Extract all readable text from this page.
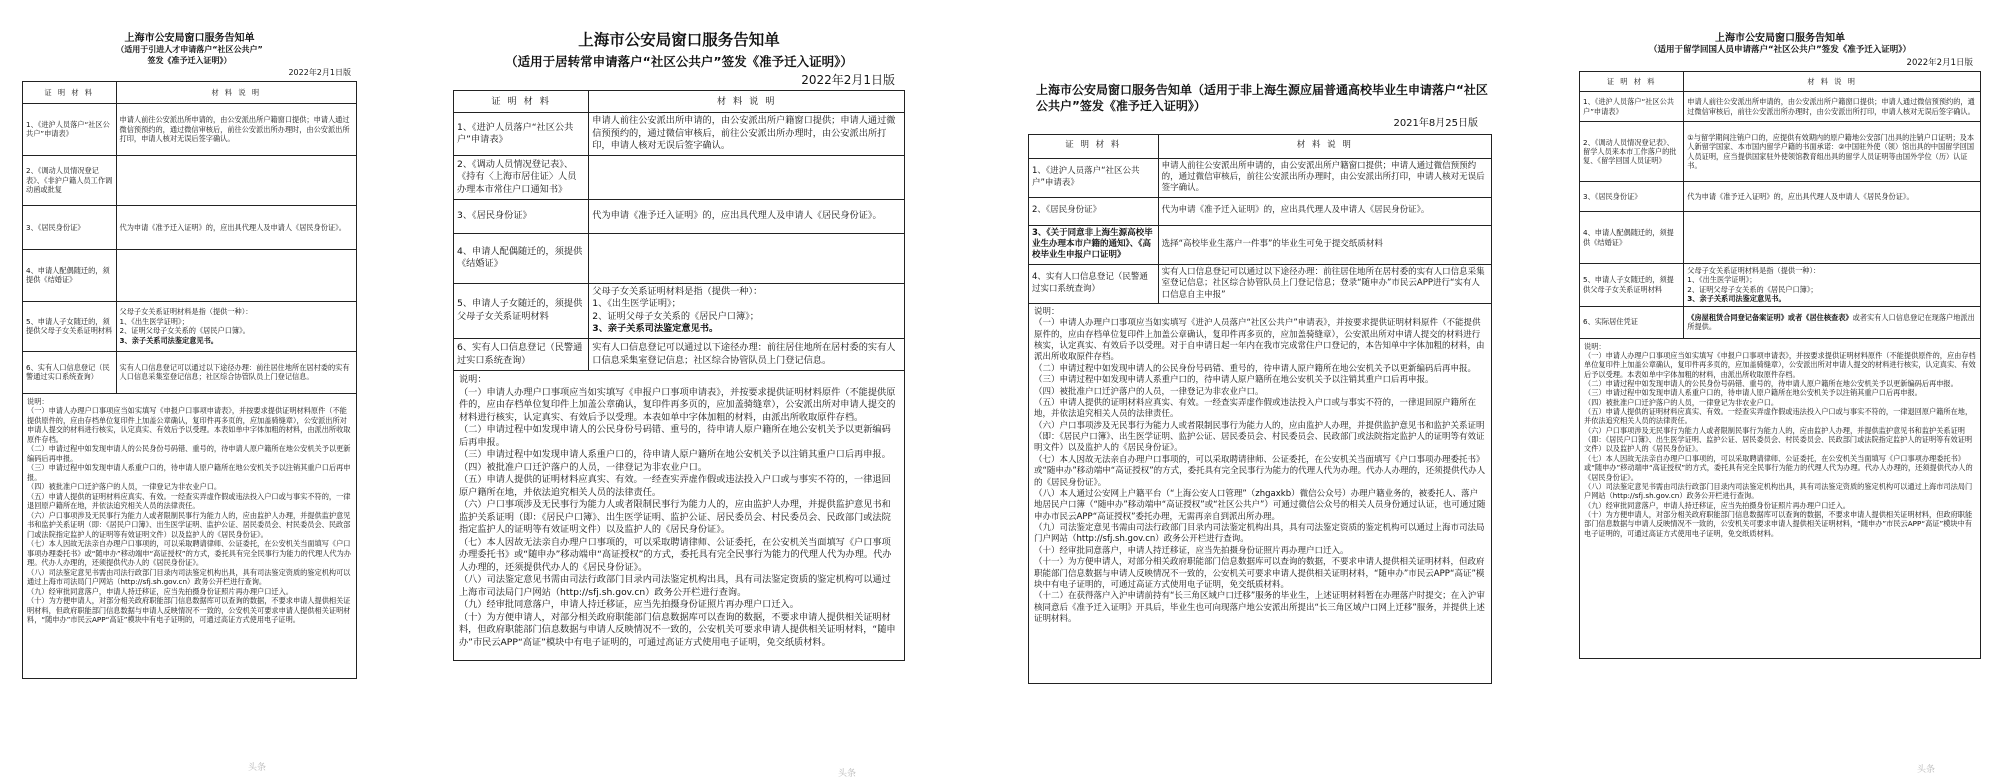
上海市公安局窗口服务告知单
（适用于引进人才申请落户“社区公共户”
签发《准予迁入证明》）
2022年2月1日版
证 明 材 料	材 料 说 明
1、《进沪人员落户“社区公共户”申请表》	申请人前往公安派出所申请的，由公安派出所户籍窗口提供；申请人通过微信预预约的，通过微信审核后，前往公安派出所办理时，由公安派出所打印，申请人核对无误后签字确认。

2、《调动人员情况登记表》、《非沪户籍人员工作调动函或批复	
3、《居民身份证》	代为申请《准予迁入证明》的，应出具代理人及申请人《居民身份证》。

4、申请人配偶随迁的，须提供《结婚证》	
5、申请人子女随迁的，须提供父母子女关系证明材料	父母子女关系证明材料是指（提供一种）：
1、《出生医学证明》；
2、证明父母子女关系的《居民户口簿》。
3、亲子关系司法鉴定意见书。

6、实有人口信息登记（民警通过实口系统查询）	实有人口信息登记可以通过以下途径办理：前往居住地所在居村委的实有人口信息采集室登记信息；社区综合协管队员上门登记信息。

说明：

（一）申请人办理户口事项应当如实填写《申报户口事项申请表》，并按要求提供证明材料原件（不能提供原件的，应由存档单位复印件上加盖公章确认，复印件再多页的，应加盖骑缝章），公安派出所对申请人提交的材料进行核实，认定真实、有效后予以受理。本表如单中字体加粗的材料，由派出所收取原件存档。

（二）申请过程中如发现申请人的公民身份号码错、重号的，待申请人原户籍所在地公安机关予以更新编码后再申报。

（三）申请过程中如发现申请人系重户口的，待申请人原户籍所在地公安机关予以注销其重户口后再申报。

（四）被批准户口迁沪落户的人员，一律登记为非农业户口。

（五）申请人提供的证明材料应真实、有效。一经查实弄虚作假或违法投入户口或与事实不符的，一律退回原户籍所在地，并依法追究相关人员的法律责任。

（六）户口事项涉及无民事行为能力人或者限制民事行为能力人的，应由监护人办理，并提供监护意见书和监护关系证明（即：《居民户口簿》、出生医学证明、监护公证、居民委员会、村民委员会、民政部门或法院指定监护人的证明等有效证明文件）以及监护人的《居民身份证》。

（七）本人因故无法亲自办理户口事项的，可以采取聘请律师、公证委托，在公安机关当面填写《户口事项办理委托书》或“随申办”移动端申“高证授权”的方式，委托具有完全民事行为能力的代理人代为办理。代办人办理的，还须提供代办人的《居民身份证》。

（八）司法鉴定意见书需由司法行政部门目录内司法鉴定机构出具，具有司法鉴定资质的鉴定机构可以通过上海市司法局门户网站（http://sfj.sh.gov.cn）政务公开栏进行查询。

（九）经审批同意落户，申请人持迁移证，应当先拍摄身份证照片再办理户口迁入。

（十）为方便申请人，对部分相关政府职能部门信息数据库可以查询的数据，不要求申请人提供相关证明材料，但政府职能部门信息数据与申请人反映情况不一致的，公安机关可要求申请人提供相关证明材料，“随申办”市民云APP“高证”模块中有电子证明的，可通过高证方式使用电子证明。

上海市公安局窗口服务告知单
（适用于居转常申请落户“社区公共户”签发《准予迁入证明》）
2022年2月1日版
证 明 材 料	材 料 说 明
1、《进沪人员落户“社区公共户”申请表》	申请人前往公安派出所申请的，由公安派出所户籍窗口提供；申请人通过微信预预约的，通过微信审核后，前往公安派出所办理时，由公安派出所打印，申请人核对无误后签字确认。

2、《调动人员情况登记表》、《持有〈上海市居住证〉人员办理本市常住户口通知书》	
3、《居民身份证》	代为申请《准予迁入证明》的，应出具代理人及申请人《居民身份证》。

4、申请人配偶随迁的，须提供《结婚证》	
5、申请人子女随迁的，须提供父母子女关系证明材料	父母子女关系证明材料是指（提供一种）：
1、《出生医学证明》；
2、证明父母子女关系的《居民户口簿》；
3、亲子关系司法鉴定意见书。

6、实有人口信息登记（民警通过实口系统查询）	实有人口信息登记可以通过以下途径办理：前往居住地所在居村委的实有人口信息采集室登记信息；社区综合协管队员上门登记信息。

说明：

（一）申请人办理户口事项应当如实填写《申报户口事项申请表》，并按要求提供证明材料原件（不能提供原件的，应由存档单位复印件上加盖公章确认，复印件再多页的，应加盖骑缝章），公安派出所对申请人提交的材料进行核实，认定真实、有效后予以受理。本表如单中字体加粗的材料，由派出所收取原件存档。

（二）申请过程中如发现申请人的公民身份号码错、重号的，待申请人原户籍所在地公安机关予以更新编码后再申报。

（三）申请过程中如发现申请人系重户口的，待申请人原户籍所在地公安机关予以注销其重户口后再申报。

（四）被批准户口迁沪落户的人员，一律登记为非农业户口。

（五）申请人提供的证明材料应真实、有效。一经查实弄虚作假或违法投入户口或与事实不符的，一律退回原户籍所在地，并依法追究相关人员的法律责任。

（六）户口事项涉及无民事行为能力人或者限制民事行为能力人的，应由监护人办理，并提供监护意见书和监护关系证明（即：《居民户口簿》、出生医学证明、监护公证、居民委员会、村民委员会、民政部门或法院指定监护人的证明等有效证明文件）以及监护人的《居民身份证》。

（七）本人因故无法亲自办理户口事项的，可以采取聘请律师、公证委托，在公安机关当面填写《户口事项办理委托书》或“随申办”移动端申“高证授权”的方式，委托具有完全民事行为能力的代理人代为办理。代办人办理的，还须提供代办人的《居民身份证》。

（八）司法鉴定意见书需由司法行政部门目录内司法鉴定机构出具，具有司法鉴定资质的鉴定机构可以通过上海市司法局门户网站（http://sfj.sh.gov.cn）政务公开栏进行查询。

（九）经审批同意落户，申请人持迁移证，应当先拍摄身份证照片再办理户口迁入。

（十）为方便申请人，对部分相关政府职能部门信息数据库可以查询的数据，不要求申请人提供相关证明材料，但政府职能部门信息数据与申请人反映情况不一致的，公安机关可要求申请人提供相关证明材料，“随申办”市民云APP“高证”模块中有电子证明的，可通过高证方式使用电子证明，免交纸质材料。

上海市公安局窗口服务告知单（适用于非上海生源应届普通高校毕业生申请落户“社区公共户”签发《准予迁入证明》）
2021年8月25日版
证 明 材 料	材 料 说 明
1、《进沪人员落户“社区公共户”申请表》	申请人前往公安派出所申请的，由公安派出所户籍窗口提供；申请人通过微信预预约的，通过微信审核后，前往公安派出所办理时，由公安派出所打印，申请人核对无误后签字确认。

2、《居民身份证》	代为申请《准予迁入证明》的，应出具代理人及申请人《居民身份证》。

3、《关于同意非上海生源高校毕业生办理本市户籍的通知》、《高校毕业生申报户口证明》	选择“高校毕业生落户一件事”的毕业生可免于提交纸质材料

4、实有人口信息登记（民警通过实口系统查询）	实有人口信息登记可以通过以下途径办理：前往居住地所在居村委的实有人口信息采集室登记信息；社区综合协管队员上门登记信息；登录“随申办”市民云APP进行“实有人口信息自主申报”

说明：

（一）申请人办理户口事项应当如实填写《进沪人员落户“社区公共户”申请表》，并按要求提供证明材料原件（不能提供原件的，应由存档单位复印件上加盖公章确认，复印件再多页的，应加盖骑缝章），公安派出所对申请人提交的材料进行核实，认定真实、有效后予以受理。对于自申请日起一年内在我市完成常住户口登记的，本告知单中字体加粗的材料，由派出所收取原件存档。

（二）申请过程中如发现申请人的公民身份号码错、重号的，待申请人原户籍所在地公安机关予以更新编码后再申报。

（三）申请过程中如发现申请人系重户口的，待申请人原户籍所在地公安机关予以注销其重户口后再申报。

（四）被批准户口迁沪落户的人员，一律登记为非农业户口。

（五）申请人提供的证明材料应真实、有效。一经查实弄虚作假或违法投入户口或与事实不符的，一律退回原户籍所在地，并依法追究相关人员的法律责任。

（六）户口事项涉及无民事行为能力人或者限制民事行为能力人的，应由监护人办理，并提供监护意见书和监护关系证明（即：《居民户口簿》、出生医学证明、监护公证、居民委员会、村民委员会、民政部门或法院指定监护人的证明等有效证明文件）以及监护人的《居民身份证》。

（七）本人因故无法亲自办理户口事项的，可以采取聘请律师、公证委托，在公安机关当面填写《户口事项办理委托书》或“随申办”移动端申“高证授权”的方式，委托具有完全民事行为能力的代理人代为办理。代办人办理的，还须提供代办人的《居民身份证》。

（八）本人通过公安网上户籍平台（“上海公安人口管理”（zhgaxkb）微信公众号）办理户籍业务的，被委托人、落户地居民户口簿（“随申办”移动端申“高证授权”或“社区公共户”）可通过微信公众号的相关人员身份通过认证，也可通过随申办市民云APP“高证授权”委托办理，无需再亲自到派出所办理。

（九）司法鉴定意见书需由司法行政部门目录内司法鉴定机构出具，具有司法鉴定资质的鉴定机构可以通过上海市司法局门户网站（http://sfj.sh.gov.cn）政务公开栏进行查询。

（十）经审批同意落户，申请人持迁移证，应当先拍摄身份证照片再办理户口迁入。

（十一）为方便申请人，对部分相关政府职能部门信息数据库可以查询的数据，不要求申请人提供相关证明材料，但政府职能部门信息数据与申请人反映情况不一致的，公安机关可要求申请人提供相关证明材料，“随申办”市民云APP“高证”模块中有电子证明的，可通过高证方式使用电子证明，免交纸质材料。

（十二）在获得落户入沪申请前持有“长三角区域户口迁移”服务的毕业生，上述证明材料暂在办理落户时提交；在入沪审核同意后《准予迁入证明》开具后，毕业生也可向现落户地公安派出所提出“长三角区域户口网上迁移”服务，并提供上述证明材料。

上海市公安局窗口服务告知单
（适用于留学回国人员申请落户“社区公共户”签发《准予迁入证明》）
2022年2月1日版
证 明 材 料	材 料 说 明
1、《进沪人员落户“社区公共户”申请表》	申请人前往公安派出所申请的，由公安派出所户籍窗口提供；申请人通过微信预预约的，通过微信审核后，前往公安派出所办理时，由公安派出所打印，申请人核对无误后签字确认。

2、《调动人员情况登记表》、留学人员来本市工作落户的批复、《留学回国人员证明》	①与留学期间注销户口的，应提供有效期内的原户籍地公安部门出具的注销户口证明；及本人新留学国家、本市国内留学户籍的书面承诺：②中国驻外使（领）馆出具的中国留学回国人员证明，应当提供国家驻外使领馆教育组出具的留学人员证明等由国外学位（历）认证书。

3、《居民身份证》	代为申请《准予迁入证明》的，应出具代理人及申请人《居民身份证》。

4、申请人配偶随迁的，须提供《结婚证》	
5、申请人子女随迁的，须提供父母子女关系证明材料	父母子女关系证明材料是指（提供一种）：
1、《出生医学证明》；
2、证明父母子女关系的《居民户口簿》；
3、亲子关系司法鉴定意见书。

6、实际居住凭证	《房屋租赁合同登记备案证明》或者《居住核查表》或者实有人口信息登记在现落户地派出所提供。

说明：

（一）申请人办理户口事项应当如实填写《申报户口事项申请表》，并按要求提供证明材料原件（不能提供原件的，应由存档单位复印件上加盖公章确认，复印件再多页的，应加盖骑缝章），公安派出所对申请人提交的材料进行核实，认定真实、有效后予以受理。本表如单中字体加粗的材料，由派出所收取原件存档。

（二）申请过程中如发现申请人的公民身份号码错、重号的，待申请人原户籍所在地公安机关予以更新编码后再申报。

（三）申请过程中如发现申请人系重户口的，待申请人原户籍所在地公安机关予以注销其重户口后再申报。

（四）被批准户口迁沪落户的人员，一律登记为非农业户口。

（五）申请人提供的证明材料应真实、有效。一经查实弄虚作假或违法投入户口或与事实不符的，一律退回原户籍所在地，并依法追究相关人员的法律责任。

（六）户口事项涉及无民事行为能力人或者限制民事行为能力人的，应由监护人办理，并提供监护意见书和监护关系证明（即：《居民户口簿》、出生医学证明、监护公证、居民委员会、村民委员会、民政部门或法院指定监护人的证明等有效证明文件）以及监护人的《居民身份证》。

（七）本人因故无法亲自办理户口事项的，可以采取聘请律师、公证委托，在公安机关当面填写《户口事项办理委托书》或“随申办”移动端申“高证授权”的方式，委托具有完全民事行为能力的代理人代为办理。代办人办理的，还须提供代办人的《居民身份证》。

（八）司法鉴定意见书需由司法行政部门目录内司法鉴定机构出具，具有司法鉴定资质的鉴定机构可以通过上海市司法局门户网站（http://sfj.sh.gov.cn）政务公开栏进行查询。

（九）经审批同意落户，申请人持迁移证，应当先拍摄身份证照片再办理户口迁入。

（十）为方便申请人，对部分相关政府职能部门信息数据库可以查询的数据，不要求申请人提供相关证明材料，但政府职能部门信息数据与申请人反映情况不一致的，公安机关可要求申请人提供相关证明材料，“随申办”市民云APP“高证”模块中有电子证明的，可通过高证方式使用电子证明，免交纸质材料。

头条
头条	头条
